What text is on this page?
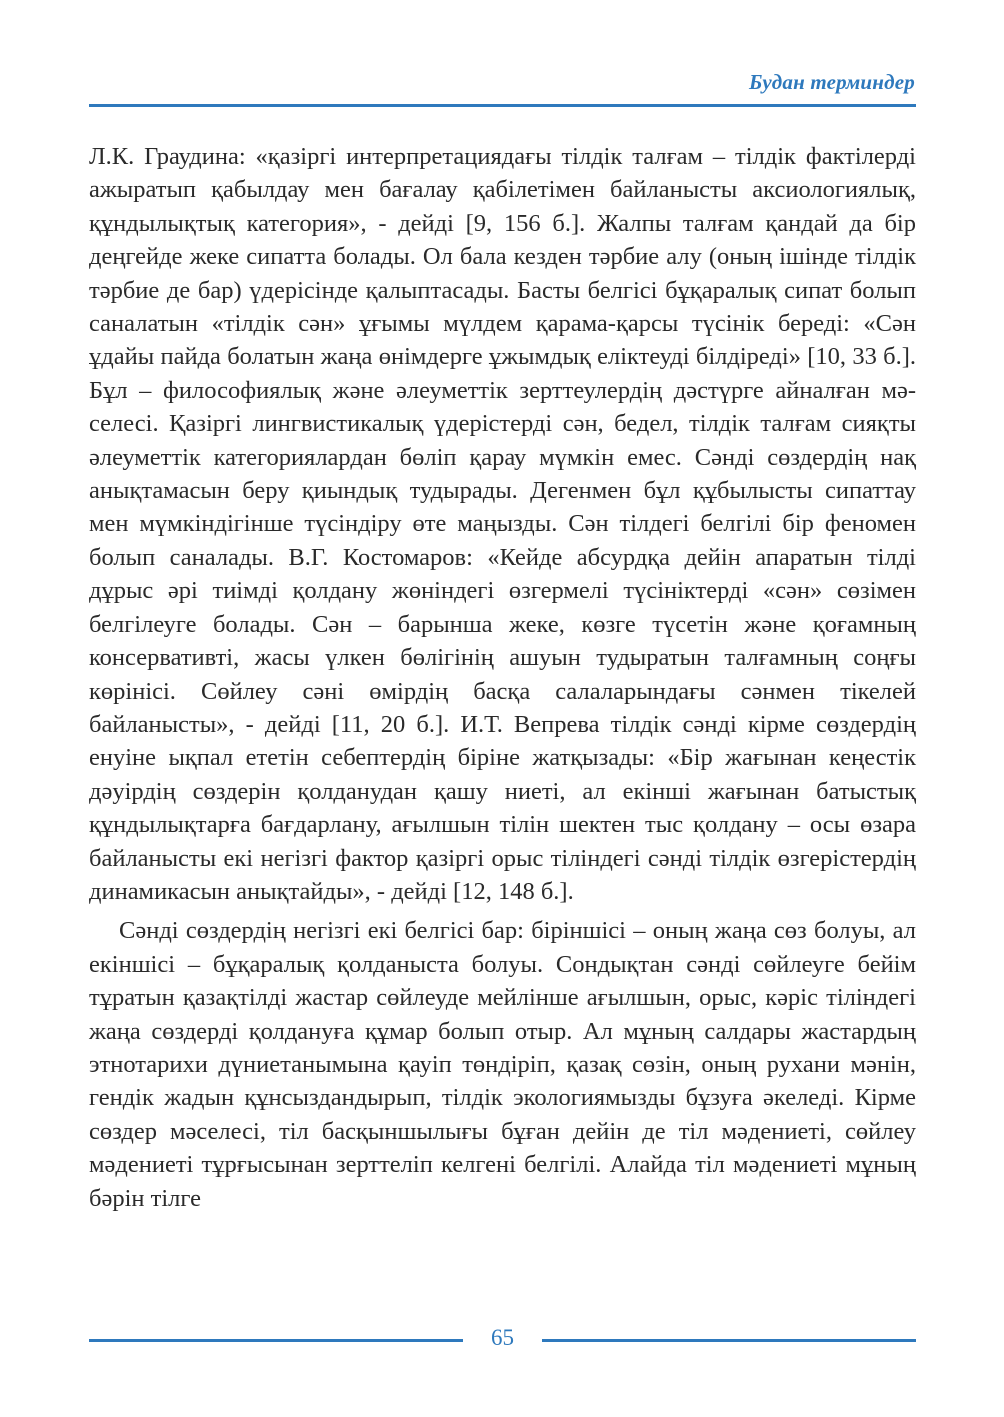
Будан терминдер

Л.К. Граудина: «қазіргі интерпретациядағы тілдік талғам – тілдік фактілерді ажыратып қабылдау мен бағалау қабілетімен байланысты аксиологиялық, құндылықтық категория», - дейді [9, 156 б.]. Жалпы талғам қандай да бір деңгейде жеке сипатта болады. Ол бала кезден тәрбие алу (оның ішінде тілдік тәрбие де бар) үдерісінде қалыптасады. Басты белгісі бұқаралық сипат болып саналатын «тілдік сән» ұғымы мүлдем қарама-қарсы түсінік береді: «Сән ұдайы пайда болатын жаңа өнімдерге ұжымдық еліктеуді білдіреді» [10, 33 б.]. Бұл – философиялық және әлеуметтік зерттеулердің дәстүрге айналған мәселесі. Қазіргі лингвистикалық үдерістерді сән, бедел, тілдік талғам сияқты әлеуметтік категориялардан бөліп қарау мүмкін емес. Сәнді сөздердің нақ анықтамасын беру қиындық тудырады. Дегенмен бұл құбылысты сипаттау мен мүмкіндігінше түсіндіру өте маңызды. Сән тілдегі белгілі бір феномен болып саналады. В.Г. Костомаров: «Кейде абсурдқа дейін апаратын тілді дұрыс әрі тиімді қолдану жөніндегі өзгермелі түсініктерді «сән» сөзімен белгілеуге болады. Сән – барынша жеке, көзге түсетін және қоғамның консервативті, жасы үлкен бөлігінің ашуын тудыратын талғамның соңғы көрінісі. Сөйлеу сәні өмірдің басқа салаларындағы сәнмен тікелей байланысты», - дейді [11, 20 б.]. И.Т. Вепрева тілдік сәнді кірме сөздердің енуіне ықпал ететін себептердің біріне жатқызады: «Бір жағынан кеңестік дәуірдің сөздерін қолданудан қашу ниеті, ал екінші жағынан батыстық құндылықтарға бағдарлану, ағылшын тілін шектен тыс қолдану – осы өзара байланысты екі негізгі фактор қазіргі орыс тіліндегі сәнді тілдік өзгерістердің динамикасын анықтайды», - дейді [12, 148 б.].

Сәнді сөздердің негізгі екі белгісі бар: біріншісі – оның жаңа сөз болуы, ал екіншісі – бұқаралық қолданыста болуы. Сондықтан сәнді сөйлеуге бейім тұратын қазақтілді жастар сөйлеуде мейлінше ағылшын, орыс, кәріс тіліндегі жаңа сөздерді қолдануға құмар болып отыр. Ал мұның салдары жастардың этнотарихи дүниетанымына қауіп төндіріп, қазақ сөзін, оның рухани мәнін, гендік жадын құнсыздандырып, тілдік экологиямызды бұзуға әкеледі. Кірме сөздер мәселесі, тіл басқыншылығы бұған дейін де тіл мәдениеті, сөйлеу мәдениеті тұрғысынан зерттеліп келгені белгілі. Алайда тіл мәдениеті мұның бәрін тілге

65
